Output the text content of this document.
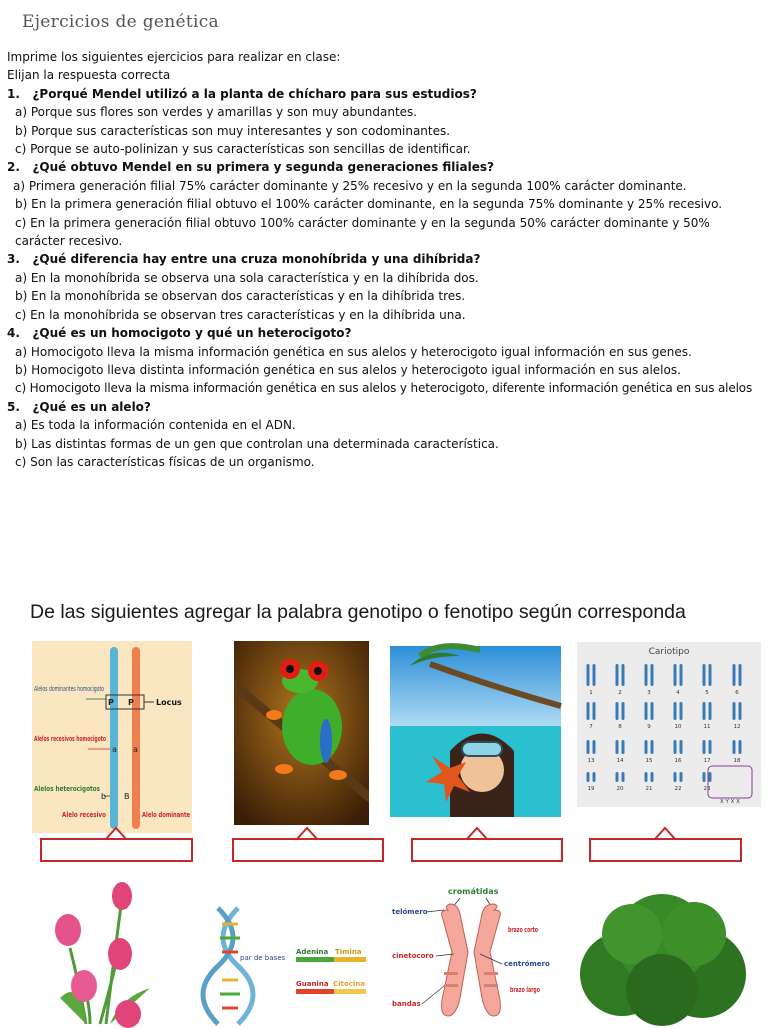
Ejercicios de genética
Imprime los siguientes ejercicios para realizar en clase:
Elijan la respuesta correcta
1. ¿Porqué Mendel utilizó a la planta de chícharo para sus estudios?
a) Porque sus flores son verdes y amarillas y son muy abundantes.
b) Porque sus características son muy interesantes y son codominantes.
c) Porque se auto-polinizan y sus características son sencillas de identificar.
2. ¿Qué obtuvo Mendel en su primera y segunda generaciones filiales?
a) Primera generación filial 75% carácter dominante y 25% recesivo y en la segunda 100% carácter dominante.
b) En la primera generación filial obtuvo el 100% carácter dominante, en la segunda 75% dominante y 25% recesivo.
c) En la primera generación filial obtuvo 100% carácter dominante y en la segunda 50% carácter dominante y 50% carácter recesivo.
3. ¿Qué diferencia hay entre una cruza monohíbrida y una dihíbrida?
a) En la monohíbrida se observa una sola característica y en la dihíbrida dos.
b) En la monohíbrida se observan dos características y en la dihíbrida tres.
c) En la monohíbrida se observan tres características y en la dihíbrida una.
4. ¿Qué es un homocigoto y qué un heterocigoto?
a) Homocigoto lleva la misma información genética en sus alelos y heterocigoto igual información en sus genes.
b) Homocigoto lleva distinta información genética en sus alelos y heterocigoto igual información en sus alelos.
c) Homocigoto lleva la misma información genética en sus alelos y heterocigoto, diferente información genética en sus alelos
5. ¿Qué es un alelo?
a) Es toda la información contenida en el ADN.
b) Las distintas formas de un gen que controlan una determinada característica.
c) Son las características físicas de un organismo.
De las siguientes agregar la palabra genotipo o fenotipo según corresponda
P P
a a
b B
Locus
Alelos dominantes homocigoto
Alelos recesivos homocigoto
Alelos heterocigotos
Alelo recesivo	Alelo dominante
Cariotipo
1	2	3	4	5	6
7	8	9	10	11	12
13	14	15	16	17	18
19	20	21	22	23
X Y X X
par de bases
Adenina Timina
Guanina Citocina
cromátidas
telómero
brazo corto
cinetocoro
centrómero
brazo largo
bandas
